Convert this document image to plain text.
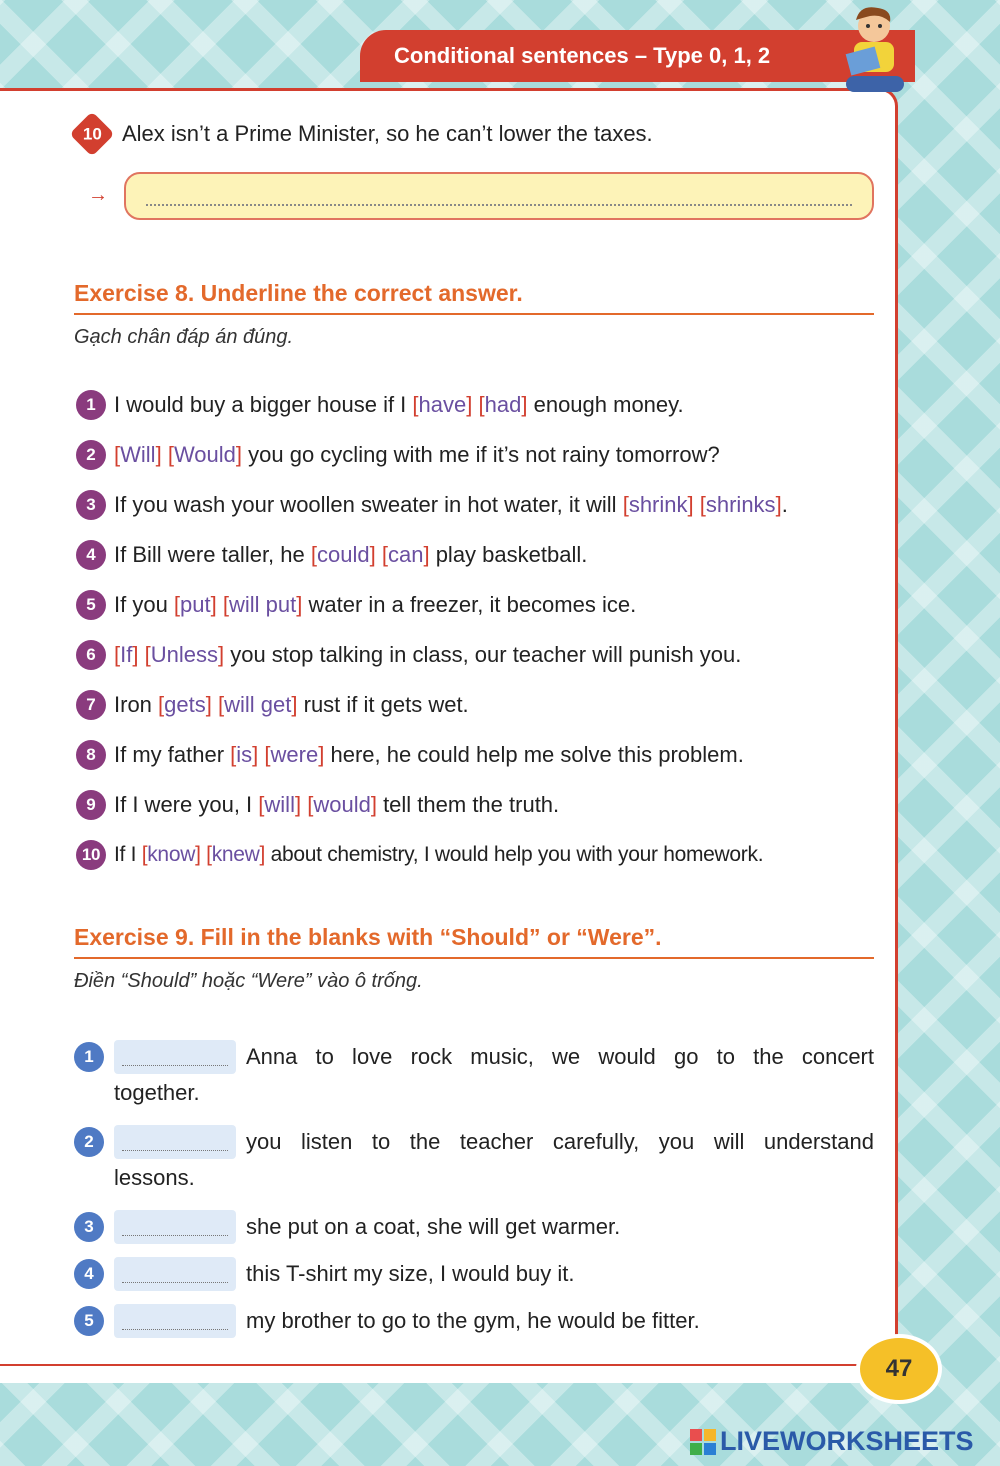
Conditional sentences – Type 0, 1, 2
10 Alex isn’t a Prime Minister, so he can’t lower the taxes.
→
Exercise 8. Underline the correct answer.
Gạch chân đáp án đúng.
1 I would buy a bigger house if I [ have ]
[ had ] enough money.
2 [ Will ]
[ Would ] you go cycling with me if it’s not rainy tomorrow?
3 If you wash your woollen sweater in hot water, it will [ shrink ]
[ shrinks ] .
4 If Bill were taller, he [ could ]
[ can ] play basketball.
5 If you [ put ]
[ will put ] water in a freezer, it becomes ice.
6 [ If ]
[ Unless ] you stop talking in class, our teacher will punish you.
7 Iron [ gets ]
[ will get ] rust if it gets wet.
8 If my father [ is ]
[ were ] here, he could help me solve this problem.
9 If I were you, I [ will ]
[ would ] tell them the truth.
10 If I [ know ]
[ knew ] about chemistry, I would help you with your homework.
Exercise 9. Fill in the blanks with “Should” or “Were”.
Điền “Should” hoặc “Were” vào ô trống.
1	Anna to love rock music, we would go to the concert
together.
2	you listen to the teacher carefully, you will understand
lessons.
3	she put on a coat, she will get warmer.
4	this T-shirt my size, I would buy it.
5	my brother to go to the gym, he would be fitter.
47
LIVEWORKSHEETS
